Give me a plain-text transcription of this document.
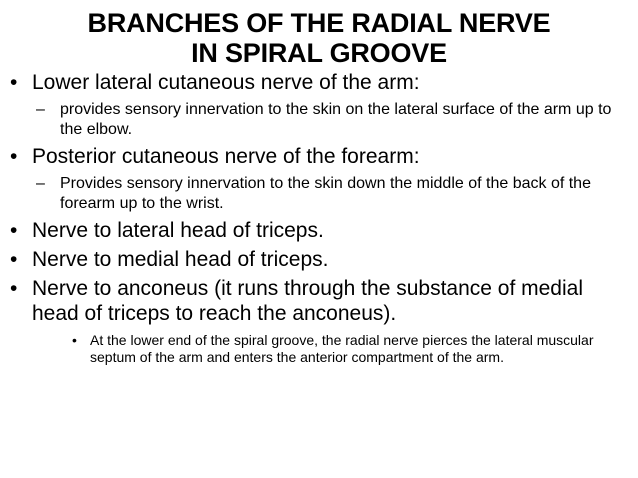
BRANCHES OF THE RADIAL NERVE
IN SPIRAL GROOVE
• Lower lateral cutaneous nerve of the arm:
– provides sensory innervation to the skin on the lateral surface of the arm up to the elbow.
• Posterior cutaneous nerve of the forearm:
– Provides sensory innervation to the skin down the middle of the back of the forearm up to the wrist.
• Nerve to lateral head of triceps.
• Nerve to medial head of triceps.
• Nerve to anconeus (it runs through the substance of medial head of triceps to reach the anconeus).
• At the lower end of the spiral groove, the radial nerve pierces the lateral muscular septum of the arm and enters the anterior compartment of the arm.
